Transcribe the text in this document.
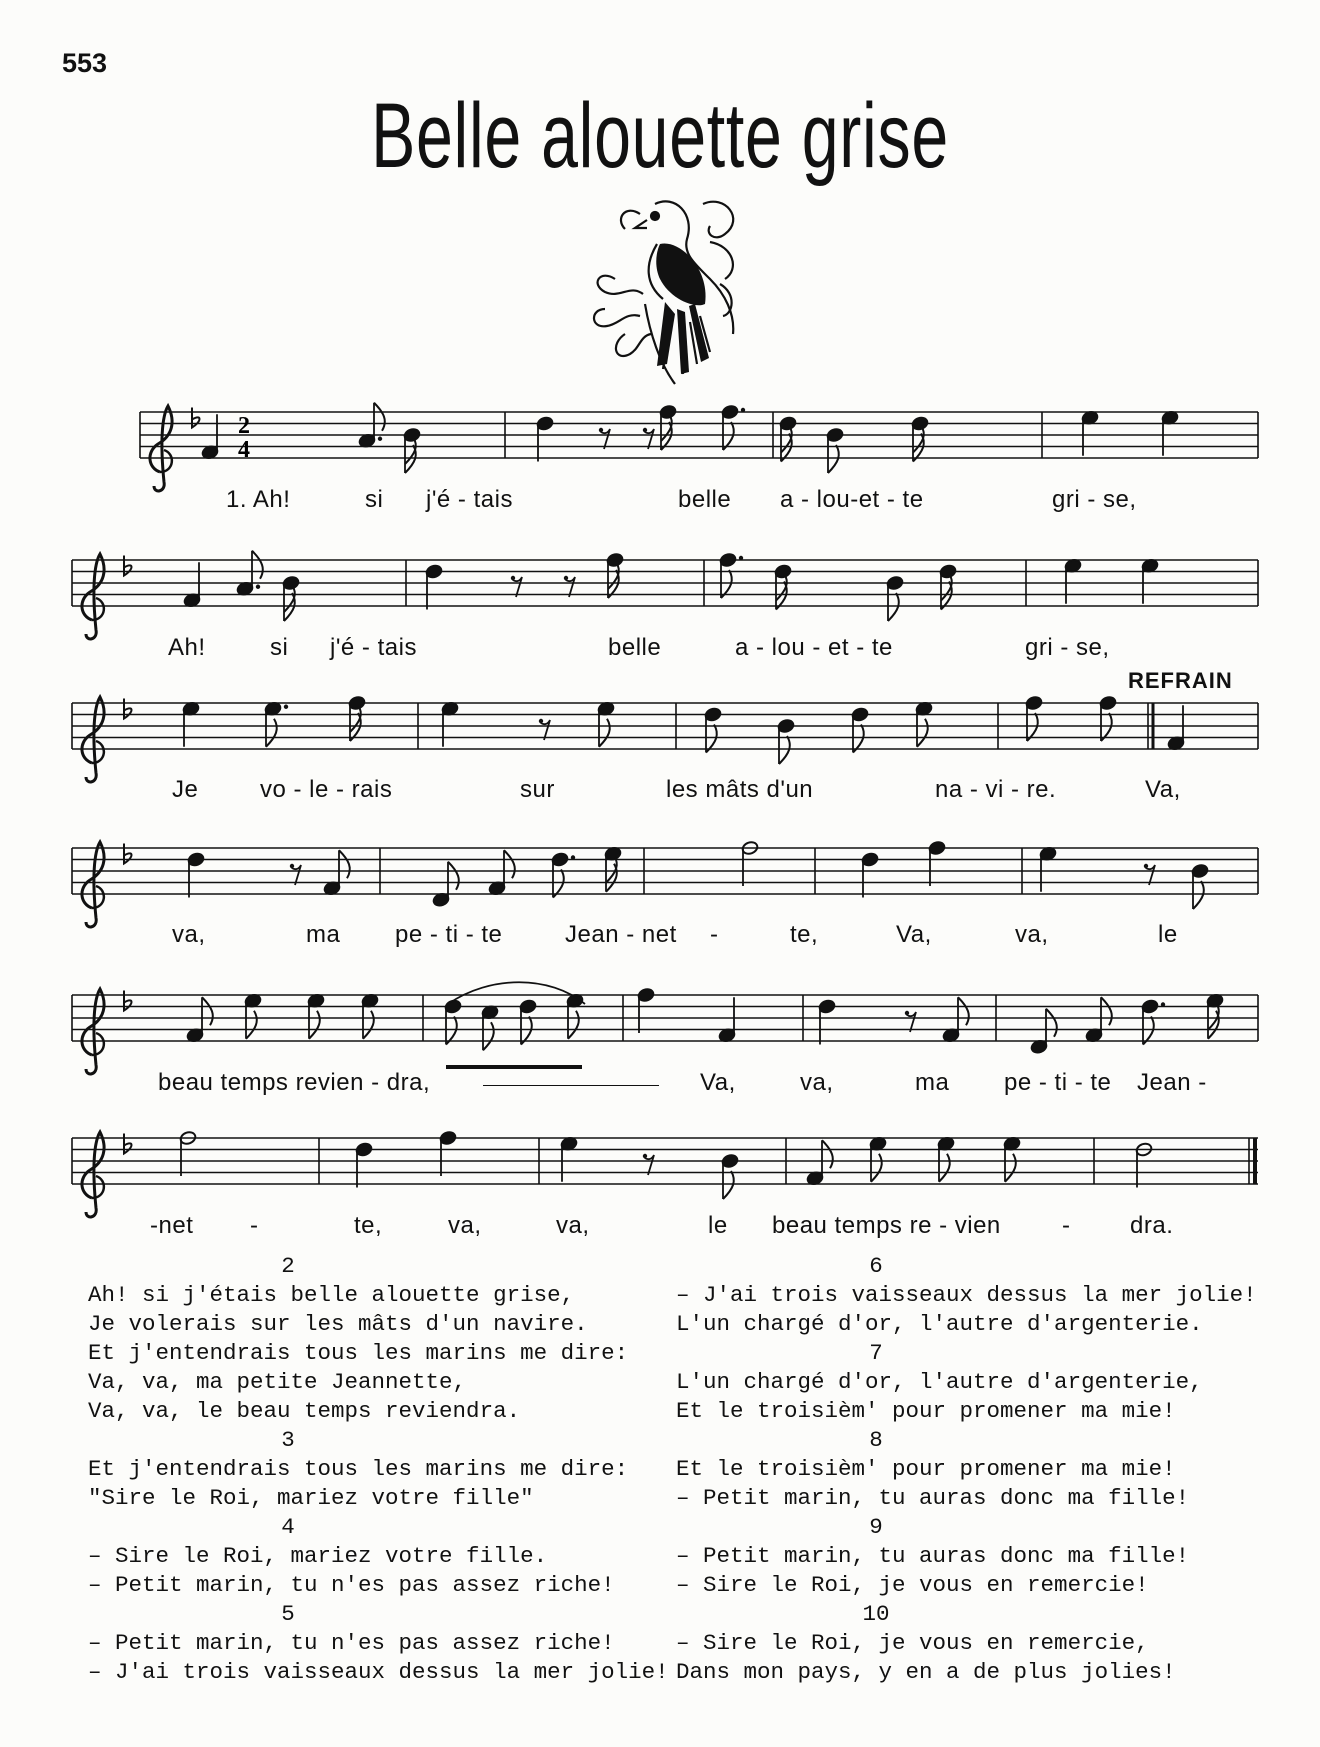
553
Belle alouette grise
2
4
REFRAIN
1. Ah!	si j'é - tais	belle a - lou-et - te	gri - se,
Ah!	si j'é - tais	belle	a - lou - et - te	gri - se,
Je	vo - le - rais	sur	les mâts d'un	na - vi - re.	Va,
va,	ma pe - ti - te	Jean - net -	te,	Va,	va,	le
beau temps revien - dra,	Va,	va,	ma pe - ti - te Jean -
-net -	te,	va,	va,	le beau temps re - vien	- dra.
2
Ah! si j'étais belle alouette grise,
Je volerais sur les mâts d'un navire.
Et j'entendrais tous les marins me dire:
Va, va, ma petite Jeannette,
Va, va, le beau temps reviendra.
3
Et j'entendrais tous les marins me dire:
"Sire le Roi, mariez votre fille"
4
– Sire le Roi, mariez votre fille.
– Petit marin, tu n'es pas assez riche!
5
– Petit marin, tu n'es pas assez riche!
– J'ai trois vaisseaux dessus la mer jolie!
6
– J'ai trois vaisseaux dessus la mer jolie!
L'un chargé d'or, l'autre d'argenterie.
7
L'un chargé d'or, l'autre d'argenterie,
Et le troisièm' pour promener ma mie!
8
Et le troisièm' pour promener ma mie!
– Petit marin, tu auras donc ma fille!
9
– Petit marin, tu auras donc ma fille!
– Sire le Roi, je vous en remercie!
10
– Sire le Roi, je vous en remercie,
Dans mon pays, y en a de plus jolies!
